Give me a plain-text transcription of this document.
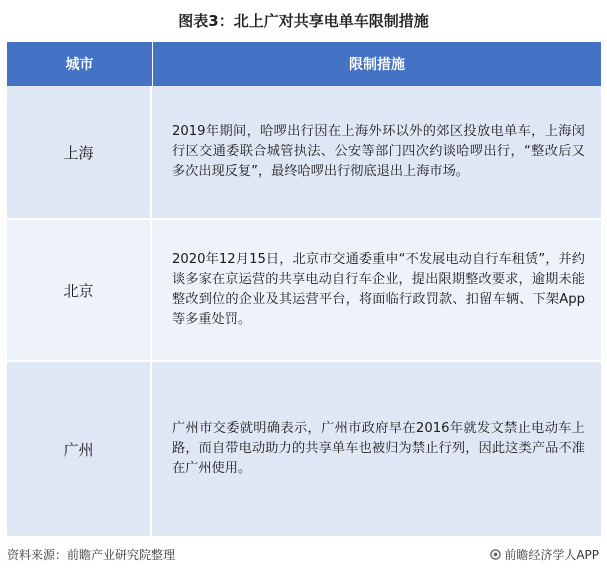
图表3：北上广对共享电单车限制措施
城市	限制措施
上海
2019年期间，哈啰出行因在上海外环以外的郊区投放电单车，上海闵行区交通委联合城管执法、公安等部门四次约谈哈啰出行，“整改后又多次出现反复”，最终哈啰出行彻底退出上海市场。
北京
2020年12月15日，北京市交通委重申“不发展电动自行车租赁”，并约谈多家在京运营的共享电动自行车企业，提出限期整改要求，逾期未能整改到位的企业及其运营平台，将面临行政罚款、扣留车辆、下架App等多重处罚。
广州
广州市交委就明确表示，广州市政府早在2016年就发文禁止电动车上路，而自带电动助力的共享单车也被归为禁止行列，因此这类产品不准在广州使用。
资料来源：前瞻产业研究院整理	前瞻经济学人APP
